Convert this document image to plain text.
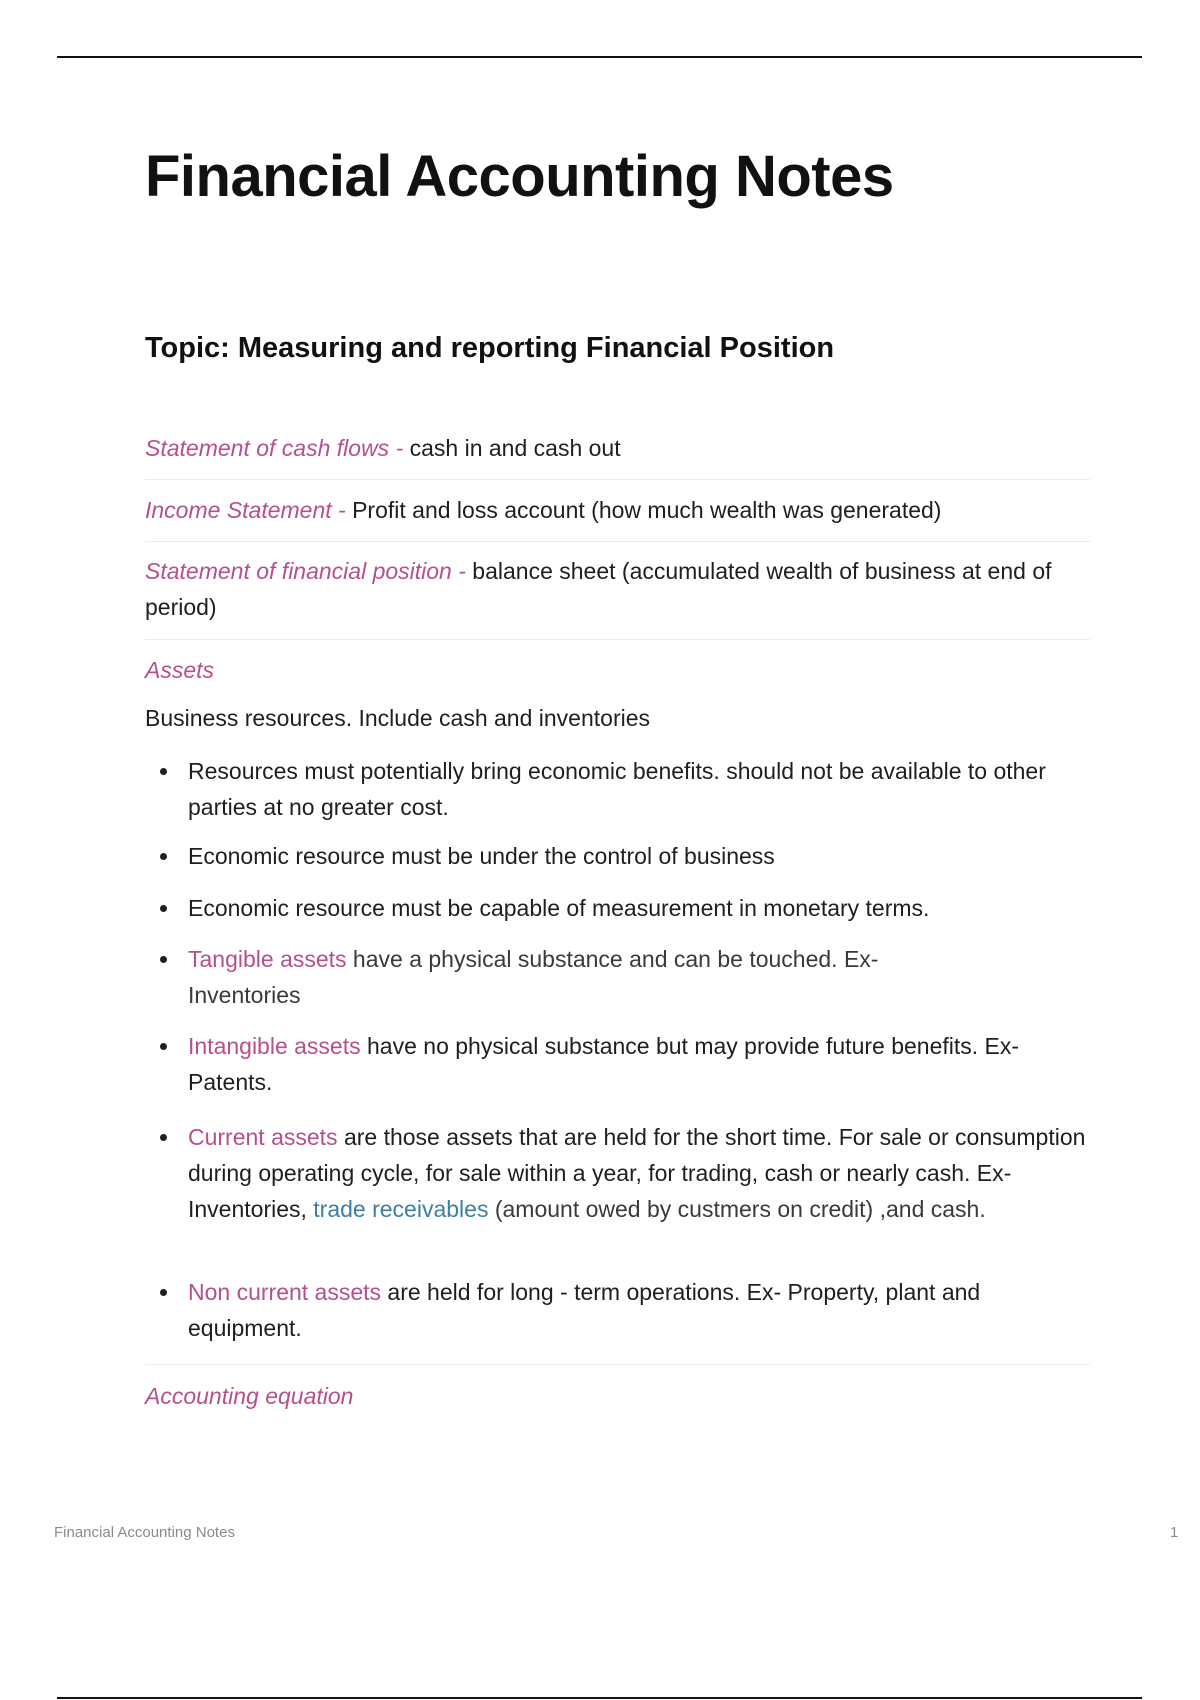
Financial Accounting Notes
Topic: Measuring and reporting Financial Position
Statement of cash flows - cash in and cash out
Income Statement - Profit and loss account (how much wealth was generated)
Statement of financial position - balance sheet (accumulated wealth of business at end of period)
Assets
Business resources. Include cash and inventories
Resources must potentially bring economic benefits. should not be available to other parties at no greater cost.
Economic resource must be under the control of business
Economic resource must be capable of measurement in monetary terms.
Tangible assets have a physical substance and can be touched. Ex- Inventories
Intangible assets have no physical substance but may provide future benefits. Ex- Patents.
Current assets are those assets that are held for the short time. For sale or consumption during operating cycle, for sale within a year, for trading, cash or nearly cash. Ex- Inventories, trade receivables (amount owed by custmers on credit) ,and cash.
Non current assets are held for long - term operations. Ex- Property, plant and equipment.
Accounting equation
Financial Accounting Notes	1
